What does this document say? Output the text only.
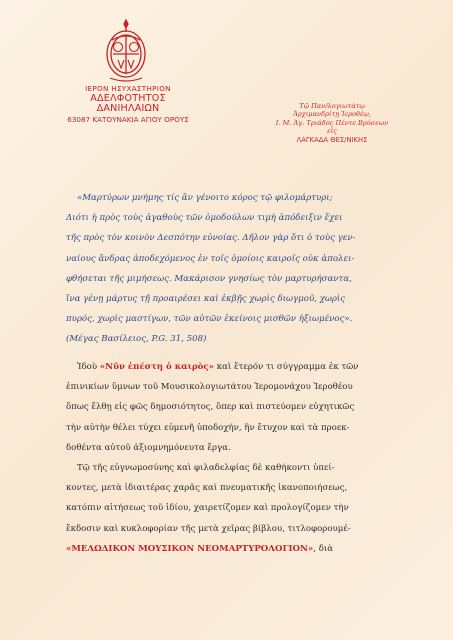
ΙΕΡΟΝ ΗΣΥΧΑΣΤΗΡΙΟΝ
ΑΔΕΛΦΟΤΗΤΟΣ ΔΑΝΙΗΛΑΙΩΝ
63087 ΚΑΤΟΥΝΑΚΙΑ ΑΓΙΟΥ ΟΡΟΥΣ
Τῷ Παν/λογιωτάτῳ
Ἀρχιμανδρίτῃ Ἱεροθέῳ,
Ι. Μ. Ἁγ. Τριάδος Πέντε Βρύσεων
εἰς
ΛΑΓΚΑΔΑ ΘΕΣ/ΝΙΚΗΣ
«Μαρτύρων μνήμης τίς ἂν γένοιτο κόρος τῷ φιλομάρτυρι;
Διότι ἡ πρὸς τοὺς ἀγαθοὺς τῶν ὁμοδούλων τιμὴ ἀπόδειξιν ἔχει
τῆς πρὸς τὸν κοινὸν Δεσπότην εὐνοίας. Δῆλον γὰρ ὅτι ὁ τοὺς γεν-
ναίους ἄνδρας ἀποδεχόμενος ἐν τοῖς ὁμοίοις καιροῖς οὐκ ἀπολει-
φθήσεται τῆς μιμήσεως. Μακάρισον γνησίως τὸν μαρτυρήσαντα,
ἵνα γένῃ μάρτυς τῇ προαιρέσει καὶ ἐκβῇς χωρὶς διωγμοῦ, χωρὶς
πυρός, χωρὶς μαστίγων, τῶν αὐτῶν ἐκείνοις μισθῶν ἠξιωμένος».
(Μέγας Βασίλειος, P.G. 31, 508)
Ἰδοὺ «Νῦν ἐπέστη ὁ καιρὸς» καὶ ἕτερόν τι σύγγραμμα ἐκ τῶν
ἐπινικίων ὕμνων τοῦ Μουσικολογιωτάτου Ἱερομονάχου Ἱεροθέου
ὅπως ἔλθῃ εἰς φῶς δημοσιότητος, ὅπερ καὶ πιστεύομεν εὐχητικῶς
τὴν αὐτὴν θέλει τύχει εὐμενῆ ὑποδοχήν, ἣν ἔτυχον καὶ τὰ προεκ-
δοθέντα αὐτοῦ ἀξιομνημόνευτα ἔργα.
Τῷ τῆς εὐγνωμοσύνης καὶ φιλαδελφίας δὲ καθήκοντι ὑπεί-
κοντες, μετὰ ἰδιαιτέρας χαρᾶς καὶ πνευματικῆς ἱκανοποιήσεως,
κατόπιν αἰτήσεως τοῦ ἰδίου, χαιρετίζομεν καὶ προλογίζομεν τὴν
ἔκδοσιν καὶ κυκλοφορίαν τῆς μετὰ χεῖρας βίβλου, τιτλοφορουμέ-
«ΜΕΛΩΔΙΚΟΝ ΜΟΥΣΙΚΟΝ ΝΕΟΜΑΡΤΥΡΟΛΟΓΙΟΝ», διὰ
